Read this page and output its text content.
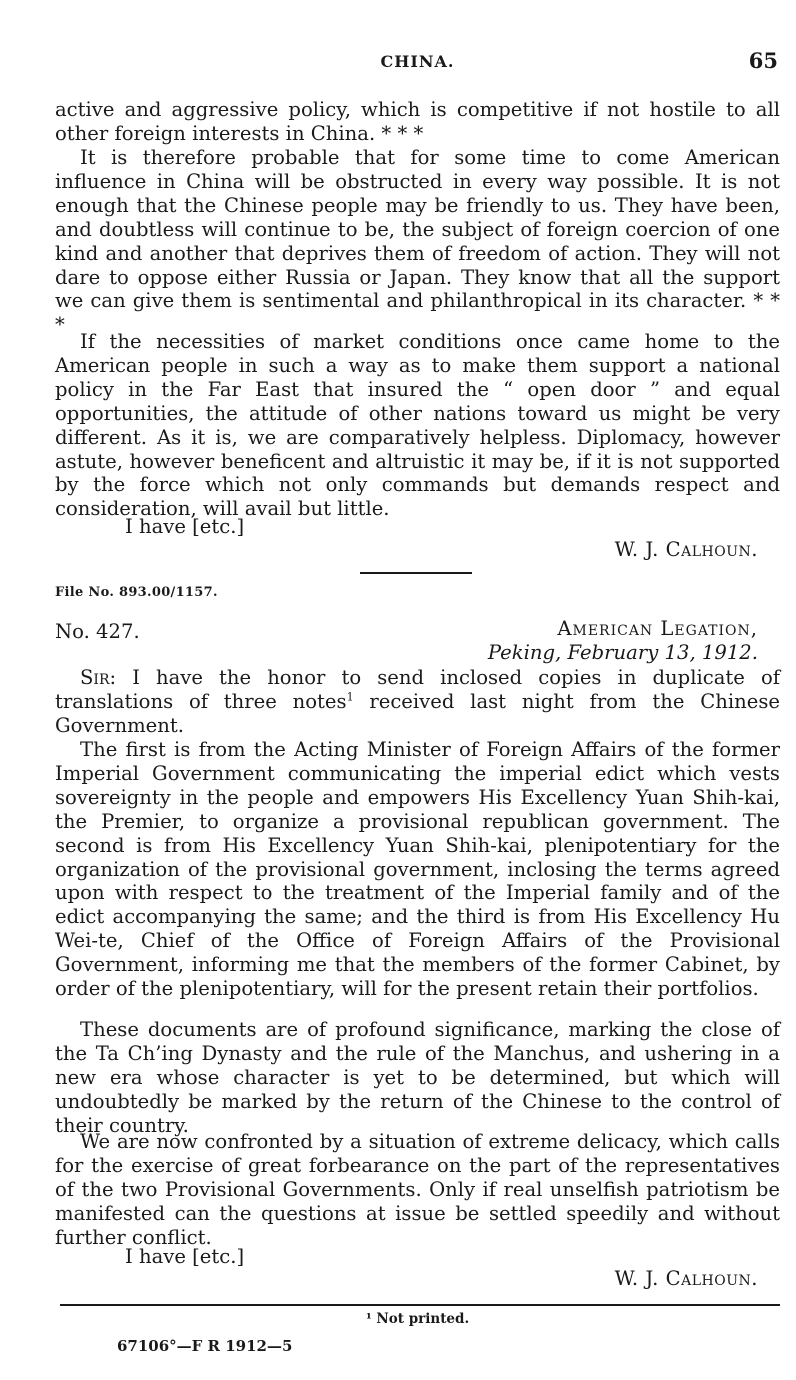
CHINA.	65

active and aggressive policy, which is competitive if not hostile to all other foreign interests in China. * * *

It is therefore probable that for some time to come American influence in China will be obstructed in every way possible. It is not enough that the Chinese people may be friendly to us. They have been, and doubtless will continue to be, the subject of foreign coercion of one kind and another that deprives them of freedom of action. They will not dare to oppose either Russia or Japan. They know that all the support we can give them is sentimental and philanthropical in its character. * * *

If the necessities of market conditions once came home to the American people in such a way as to make them support a national policy in the Far East that insured the “ open door ” and equal opportunities, the attitude of other nations toward us might be very different. As it is, we are comparatively helpless. Diplomacy, however astute, however beneficent and altruistic it may be, if it is not supported by the force which not only commands but demands respect and consideration, will avail but little.

I have [etc.]
W. J. Calhoun.
File No. 893.00/1157.
No. 427.	American Legation,
Peking, February 13, 1912.

Sir: I have the honor to send inclosed copies in duplicate of translations of three notes$^1$ received last night from the Chinese Government.

The first is from the Acting Minister of Foreign Affairs of the former Imperial Government communicating the imperial edict which vests sovereignty in the people and empowers His Excellency Yuan Shih-kai, the Premier, to organize a provisional republican government. The second is from His Excellency Yuan Shih-kai, plenipotentiary for the organization of the provisional government, inclosing the terms agreed upon with respect to the treatment of the Imperial family and of the edict accompanying the same; and the third is from His Excellency Hu Wei-te, Chief of the Office of Foreign Affairs of the Provisional Government, informing me that the members of the former Cabinet, by order of the plenipotentiary, will for the present retain their portfolios.

These documents are of profound significance, marking the close of the Ta Ch’ing Dynasty and the rule of the Manchus, and ushering in a new era whose character is yet to be determined, but which will undoubtedly be marked by the return of the Chinese to the control of their country.

We are now confronted by a situation of extreme delicacy, which calls for the exercise of great forbearance on the part of the representatives of the two Provisional Governments. Only if real unselfish patriotism be manifested can the questions at issue be settled speedily and without further conflict.

I have [etc.]
W. J. Calhoun.
¹ Not printed.
67106°—F R 1912—5
